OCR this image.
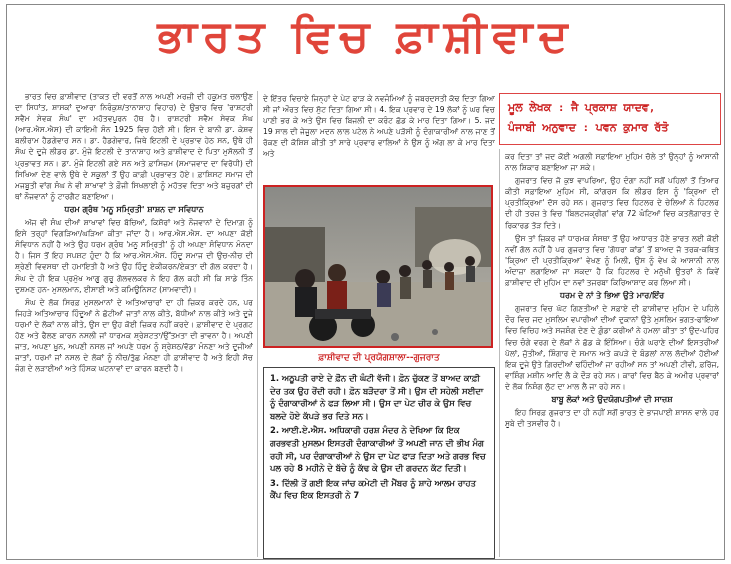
ਭਾਰਤ ਵਿਚ ਫ਼ਾਸ਼ੀਵਾਦ
ਮੂਲ ਲੇਖਕ : ਜੈ ਪ੍ਰਕਾਸ਼ ਯਾਦਵ,
ਪੰਜਾਬੀ ਅਨੁਵਾਦ : ਪਵਨ ਕੁਮਾਰ ਰੱਤੋ

ਭਾਰਤ ਵਿਚ ਫ਼ਾਸ਼ੀਵਾਦ (ਤਾਕਤ ਦੀ ਵਰਤੋਂ ਨਾਲ ਅਪਣੀ ਮਰਜ਼ੀ ਦੀ ਹਕੂਮਤ ਚਲਾਉਣ ਦਾ ਸਿਧਾਂਤ, ਸ਼ਾਸਕਾਂ ਦੁਆਰਾ ਨਿਰੰਕੁਸ਼/ਤਾਨਾਸ਼ਾਹ ਵਿਹਾਰ) ਦੇ ਉਭਾਰ ਵਿਚ 'ਰਾਸ਼ਟਰੀ ਸਵੈਮ ਸੇਵਕ ਸੰਘ' ਦਾ ਮਹੱਤਵਪੂਰਨ ਹੱਥ ਹੈ। ਰਾਸ਼ਟਰੀ ਸਵੈਮ ਸੇਵਕ ਸੰਘ (ਆਰ.ਐਸ.ਐਸ) ਦੀ ਕਾਇਮੀ ਸੰਨ 1925 ਵਿਚ ਹੋਈ ਸੀ। ਇਸ ਦੇ ਬਾਨੀ ਡਾ. ਕੇਸ਼ਵ ਬਲੀਰਾਮ ਹੈਡਗੇਵਾਰ ਸਨ। ਡਾ. ਹੈਡਗੇਵਾਰ, ਜਿਥੇ ਇਟਲੀ ਦੇ ਪ੍ਰਭਾਵ ਹੇਠ ਸਨ, ਉਥੇ ਹੀ ਸੰਘ ਦੇ ਦੂਜੇ ਲੀਡਰ ਡਾ. ਮੁੰਜੇ ਇਟਲੀ ਦੇ ਤਾਨਾਸ਼ਾਹ ਅਤੇ ਫ਼ਾਸ਼ੀਵਾਦ ਦੇ ਪਿਤਾ ਮੁਸੋਲਨੀ ਤੋਂ ਪ੍ਰਭਾਵਤ ਸਨ। ਡਾ. ਮੁੰਜੇ ਇਟਲੀ ਗਏ ਸਨ ਅਤੇ ਫ਼ਾਸਿਜ਼ਮ (ਸਮਾਜਵਾਦ ਦਾ ਵਿਰੋਧੀ) ਦੀ ਸਿਖਿਆ ਦੇਣ ਵਾਲੇ ਉਥੇ ਦੇ ਸਕੂਲਾਂ ਤੋਂ ਉਹ ਕਾਫ਼ੀ ਪ੍ਰਭਾਵਤ ਹੋਏ। ਫ਼ਾਸ਼ਿਸਟ ਸਮਾਜ ਦੀ ਮਜਬੂਤੀ ਵਾਂਗ ਸੰਘ ਨੇ ਵੀ ਸ਼ਾਖਾਵਾਂ ਤੇ ਫ਼ੌਜੀ ਸਿਖਲਾਈ ਨੂੰ ਮਹੱਤਵ ਦਿਤਾ ਅਤੇ ਬਜ਼ੁਰਗਾਂ ਦੀ ਥਾਂ ਨੌਜਵਾਨਾਂ ਨੂੰ ਟਾਰਗੈਟ ਬਣਾਇਆ।

ਧਰਮ ਗ੍ਰੰਥ 'ਮਨੂ ਸਮ੍ਰਿਤੀ' ਸ਼ਾਸ਼ਨ ਦਾ ਸਵਿਧਾਨ

ਅੱਜ ਵੀ ਸੰਘ ਦੀਆਂ ਸ਼ਾਖਾਵਾਂ ਵਿਚ ਬੱਚਿਆਂ, ਕਿਸ਼ੋਰਾਂ ਅਤੇ ਨੌਜਵਾਨਾਂ ਦੇ ਦਿਮਾਗ਼ ਨੂੰ ਇਸੇ ਤਰ੍ਹਾਂ ਵਿਗੜਿਆ/ਘੜਿਆ ਕੀਤਾ ਜਾਂਦਾ ਹੈ। ਆਰ.ਐਸ.ਐਸ. ਦਾ ਅਪਣਾ ਕੋਈ ਸੰਵਿਧਾਨ ਨਹੀਂ ਹੈ ਅਤੇ ਉਹ ਧਰਮ ਗ੍ਰੰਥ 'ਮਨੂ ਸਮ੍ਰਿਤੀ' ਨੂੰ ਹੀ ਅਪਣਾ ਸੰਵਿਧਾਨ ਮੰਨਦਾ ਹੈ। ਜਿਸ ਤੋਂ ਇਹ ਸਪਸ਼ਟ ਹੁੰਦਾ ਹੈ ਕਿ ਆਰ.ਐਸ.ਐਸ. ਹਿੰਦੂ ਸਮਾਜ ਦੀ ਉਚ-ਨੀਚ ਦੀ ਸ਼੍ਰੇਣੀ ਵਿਵਸਥਾ ਦੀ ਹਮਾਇਤੀ ਹੈ ਅਤੇ ਉਹ ਹਿੰਦੂ ਏਕੀਕਰਨ/ਏਕਤਾ ਦੀ ਗੱਲ ਕਰਦਾ ਹੈ। ਸੰਘ ਦੇ ਹੀ ਇਕ ਪ੍ਰਮੁੱਖ ਆਗੂ ਗੁਰੂ ਗੋਲਵਲਕਰ ਨੇ ਇਹ ਗੱਲ ਕਹੀ ਸੀ ਕਿ ਸਾਡੇ ਤਿੰਨ ਦੁਸ਼ਮਣ ਹਨ- ਮੁਸਲਮਾਨ, ਈਸਾਈ ਅਤੇ ਕਮਿਊਨਿਸਟ (ਸਾਮਵਾਦੀ)।

ਸੰਘ ਦੇ ਲੱਕ ਸਿਰਫ਼ ਮੁਸਲਮਾਨਾਂ ਦੇ ਅਤਿਆਚਾਰਾਂ ਦਾ ਹੀ ਜ਼ਿਕਰ ਕਰਦੇ ਹਨ, ਪਰ ਜਿਹੜੇ ਅਤਿਆਚਾਰ ਹਿੰਦੂਆਂ ਨੇ ਛੋਟੀਆਂ ਜਾਤਾਂ ਨਾਲ ਕੀਤੇ, ਬੋਧੀਆਂ ਨਾਲ ਕੀਤੇ ਅਤੇ ਦੂਜੇ ਧਰਮਾਂ ਦੇ ਲੋਕਾਂ ਨਾਲ ਕੀਤੇ, ਉਸ ਦਾ ਉਹ ਕੋਈ ਜ਼ਿਕਰ ਨਹੀਂ ਕਰਦੇ। ਫ਼ਾਸ਼ੀਵਾਦ ਦੇ ਪ੍ਰਗਟ ਹੋਣ ਅਤੇ ਫੈਲਣ ਕਾਰਨ ਨਸਲੀ ਜਾਂ ਧਾਰਮਕ ਸ਼੍ਰੇਸ਼ਟਤਾ/ਉੱਤਮਤਾ ਦੀ ਭਾਵਨਾ ਹੈ। ਅਪਣੀ ਜਾਤ, ਅਪਣਾ ਖ਼ੂਨ, ਅਪਣੀ ਨਸਲ ਜਾਂ ਅਪਣੇ ਧਰਮ ਨੂੰ ਸ਼੍ਰੇਸ਼ਠ/ਵੱਡਾ ਮੰਨਣਾ ਅਤੇ ਦੂਜੀਆਂ ਜਾਤਾਂ, ਧਰਮਾਂ ਜਾਂ ਨਸਲ ਦੇ ਲੋਕਾਂ ਨੂੰ ਨੀਚ/ਤੁੱਛ ਮੰਨਣਾ ਹੀ ਫ਼ਾਸ਼ੀਵਾਦ ਹੈ ਅਤੇ ਇਹੀ ਸੋਚ ਜੰਗ ਦੇ ਲੜਾਈਆਂ ਅਤੇ ਹਿੰਸਕ ਘਟਨਾਵਾਂ ਦਾ ਕਾਰਨ ਬਣਦੀ ਹੈ।

ਦੇ ਇੱਤਰ ਵਿਚਾਏ ਜਿਨ੍ਹਾਂ ਦੇ ਪੇਟ ਫਾੜ ਕੇ ਨਵਜੰਮਿਆਂ ਨੂੰ ਜਬਰਦਸਤੀ ਕੱਢ ਦਿਤਾ ਗਿਆ ਸੀ ਜਾਂ ਔਰਤ ਵਿਚ ਸੁੱਟ ਦਿਤਾ ਗਿਆ ਸੀ। 4. ਇਕ ਪ੍ਰਵਾਰ ਦੇ 19 ਲੋਕਾਂ ਨੂੰ ਘਰ ਵਿਚ ਪਾਣੀ ਭਰ ਕੇ ਅਤੇ ਉਸ ਵਿਚ ਬਿਜਲੀ ਦਾ ਕਰੰਟ ਛੱਡ ਕੇ ਮਾਰ ਦਿਤਾ ਗਿਆ। 5. ਜਦ 19 ਸਾਲ ਦੀ ਜੇਜੂਲਾ ਮਦਨ ਲਾਲ ਪਟੇਲ ਨੇ ਅਪਣੇ ਪੜੋਸੀ ਨੂੰ ਦੰਗਾਕਾਰੀਆਂ ਨਾਲ ਜਾਣ ਤੋਂ ਰੋਕਣ ਦੀ ਕੋਸ਼ਿਸ਼ ਕੀਤੀ ਤਾਂ ਸਾਰੇ ਪ੍ਰਵਾਰ ਵਾਲਿਆਂ ਨੇ ਉਸ ਨੂੰ ਅੱਗ ਲਾ ਕੇ ਮਾਰ ਦਿਤਾ ਅਤੇ

ਫ਼ਾਸ਼ੀਵਾਦ ਦੀ ਪ੍ਰਯੋਗਸ਼ਾਲਾ--ਗੁਜਰਾਤ
1. ਅਠੂਪਤੀ ਰਾਏ ਦੇ ਫ਼ੌਨ ਦੀ ਘੰਟੀ ਵੱਜੀ। ਫ਼ੋਨ ਚੁੱਕਣ ਤੋਂ ਬਾਅਦ ਕਾਫ਼ੀ ਦੇਰ ਤਕ ਉਹ ਰੋਂਦੀ ਰਹੀ। ਫ਼ੋਨ ਬੜੌਦਰਾ ਤੋਂ ਸੀ। ਉਸ ਦੀ ਸਹੇਲੀ ਸਈਦਾ ਨੂੰ ਦੰਗਾਕਾਰੀਆਂ ਨੇ ਫੜ ਲਿਆ ਸੀ। ਉਸ ਦਾ ਪੇਟ ਚੀਰ ਕੇ ਉਸ ਵਿਚ ਬਲਦੇ ਹੋਏ ਕੱਪੜੇ ਭਰ ਦਿਤੇ ਸਨ।
2. ਆਈ.ਏ.ਐਸ. ਅਧਿਕਾਰੀ ਹਰਸ਼ ਮੰਦਰ ਨੇ ਦੇਖਿਆ ਕਿ ਇਕ ਗਰਭਵਤੀ ਮੁਸਲਮ ਇਸਤਰੀ ਦੰਗਾਕਾਰੀਆਂ ਤੋਂ ਅਪਣੀ ਜਾਨ ਦੀ ਭੀਖ ਮੰਗ ਰਹੀ ਸੀ, ਪਰ ਦੰਗਾਕਾਰੀਆਂ ਨੇ ਉਸ ਦਾ ਪੇਟ ਫਾੜ ਦਿਤਾ ਅਤੇ ਗਰਭ ਵਿਚ ਪਲ ਰਹੇ 8 ਮਹੀਨੇ ਦੇ ਬੱਚੇ ਨੂੰ ਕੱਢ ਕੇ ਉਸ ਦੀ ਗਰਦਨ ਕੱਟ ਦਿਤੀ।
3. ਦਿੱਲੀ ਤੋਂ ਗਈ ਇਕ ਜਾਂਚ ਕਮੇਟੀ ਦੀ ਮੈਂਬਰ ਨੂੰ ਸ਼ਾਹੇ ਆਲਮ ਰਾਹਤ ਕੈਂਪ ਵਿਚ ਇਕ ਇਸਤਰੀ ਨੇ 7

ਕਰ ਦਿਤਾ ਤਾਂ ਜਦ ਕੋਈ ਅਗਲੀ ਸਫ਼ਾਇਆ ਮੁਹਿਮ ਚੱਲੇ ਤਾਂ ਉਨ੍ਹਾਂ ਨੂੰ ਆਸਾਨੀ ਨਾਲ ਸ਼ਿਕਾਰ ਬਣਾਇਆ ਜਾ ਸਕੇ।

ਗੁਜਰਾਤ ਵਿਚ ਜੋ ਕੁਝ ਵਾਪਰਿਆ, ਉਹ ਦੰਗਾ ਨਹੀਂ ਸਗੋਂ ਪਹਿਲਾਂ ਤੋਂ ਤਿਆਰ ਕੀਤੀ ਸਫ਼ਾਇਆ ਮੁਹਿਮ ਸੀ, ਕਾਂਗਰਸ ਕਿ ਲੀਡਰ ਇਸ ਨੂੰ 'ਕ੍ਰਿਆ ਦੀ ਪ੍ਰਤੀਕ੍ਰਿਆ' ਦੱਸ ਰਹੇ ਸਨ। ਗੁਜਰਾਤ ਵਿਚ ਹਿਟਲਰ ਦੇ ਚੇਲਿਆਂ ਨੇ ਹਿਟਲਰ ਦੀ ਹੀ ਤਰਜ਼ ਤੇ ਵਿਚ 'ਬਿਲਟਜਕ੍ਰੀਗ' ਵਾਂਗ 72 ਘੰਟਿਆਂ ਵਿਚ ਕਤਲੋਗ਼ਾਰਤ ਦੇ ਰਿਕਾਰਡ ਤੋੜ ਦਿਤੇ।

ਉਸ ਤਾਂ ਜ਼ਿਕਰ ਜਾਂ ਧਾਰਮਕ ਸੰਸਥਾ ਤੋਂ ਉਹ ਆਧਾਰਤ ਹੋਣੇ ਭਾਰਤ ਲਈ ਕੋਈ ਨਵੀਂ ਗੱਲ ਨਹੀਂ ਹੈ ਪਰ ਗੁਜਰਾਤ ਵਿਚ 'ਗੋਧਰਾ ਕਾਂਡ' ਤੋਂ ਬਾਅਦ ਜੋ ਤਰਕ-ਕਥਿਤ 'ਕ੍ਰਿਆ ਦੀ ਪ੍ਰਤੀਕ੍ਰਿਆ' ਵੇਖਣ ਨੂੰ ਮਿਲੀ, ਉਸ ਨੂੰ ਵੇਖ ਕੇ ਆਸਾਨੀ ਨਾਲ ਅੰਦਾਜ਼ਾ ਲਗਾਇਆ ਜਾ ਸਕਦਾ ਹੈ ਕਿ ਹਿਟਲਰ ਦੇ ਮਨੁੱਖੀ ਉਤਰਾਂ ਨੇ ਕਿਵੇਂ ਫ਼ਾਸ਼ੀਵਾਦ ਦੀ ਮੁਹਿਮ ਦਾ ਨਵਾਂ ਤਜਰਬਾ ਕਿਰਿਆਸ਼ਾਦ ਕਰ ਲਿਆ ਸੀ।

ਧਰਮ ਦੇ ਨਾਂ ਤੇ ਭਿਆ ਉਤੇ ਮਾਰ/ਇੰਰ

ਗੁਜਰਾਤ ਵਿਚ ਘੱਟ ਗਿਣਤੀਆਂ ਦੇ ਸਫ਼ਾਏ ਦੀ ਫ਼ਾਸ਼ੀਵਾਦ ਮੁਹਿਮ ਦੇ ਪਹਿਲੇ ਦੌਰ ਵਿਚ ਜਦ ਮੁਸਲਿਮ ਵਪਾਰੀਆਂ ਦੀਆਂ ਦੁਕਾਨਾਂ ਉਤੇ ਮੁਸਲਿਮ ਭਗਤ-ਫਾਇਆ ਵਿਚ ਵਿਚਿਹ ਅਤੇ ਸਜਸ਼ੰਗ ਦੇਣ ਦੇ ਗ਼ੁੰਡਾ ਕਰੀਆਂ ਨੇ ਹਮਲਾ ਕੀਤਾ ਤਾਂ ਉਦ-ਪਹਿਰ ਵਿਚ ਚੰਗੇ ਵਰਗ ਦੇ ਲੋਕਾਂ ਨੇ ਛੱਡ ਕੇ ਇੰਸਿਆ। ਚੰਗੇ ਘਰਾਣੇ ਦੀਆਂ ਇਸਤਰੀਆਂ ਪੋਲਾਂ, ਜੁੱਤੀਆਂ, ਸ਼ਿੰਗਾਰ ਦੇ ਸਮਾਨ ਅਤੇ ਕਪੜੇ ਦੇ ਬੰਡਲਾਂ ਨਾਲ ਲੱਦੀਆਂ ਹੋਈਆਂ ਇਕ ਦੂਜੇ ਉਤੇ ਗ਼ਿਰਦੀਆਂ ਢਹਿੰਦੀਆਂ ਜਾ ਰਹੀਆਂ ਸਨ ਤਾਂ ਅਪਣੀ ਟੀਵੀ, ਫ਼ਰਿੱਜ, ਵਾਸ਼ਿੰਗ ਮਸ਼ੀਨ ਆਦਿ ਲੈ ਕੇ ਦੌੜ ਰਹੇ ਸਨ। ਕਾਰਾਂ ਵਿਚ ਬੈਠ ਕੇ ਅਮੀਰ ਪ੍ਰਵਾਰਾਂ ਦੇ ਲੋਕ ਨਿਸ਼ੰਗ ਲੁੱਟ ਦਾ ਮਾਲ ਲੈ ਜਾ ਰਹੇ ਸਨ।

ਬਾਬੂ ਲੋਕਾਂ ਅਤੇ ਉਦਯੋਗਪਤੀਆਂ ਦੀ ਸਾਜ਼ਸ਼

ਇਹ ਸਿਰਫ਼ ਗੁਜਰਾਤ ਦਾ ਹੀ ਨਹੀਂ ਸਗੋਂ ਭਾਰਤ ਦੇ ਭਾਜਪਾਈ ਸ਼ਾਸਨ ਵਾਲੇ ਹਰ ਸੂਬੇ ਦੀ ਤਸਵੀਰ ਹੈ।
